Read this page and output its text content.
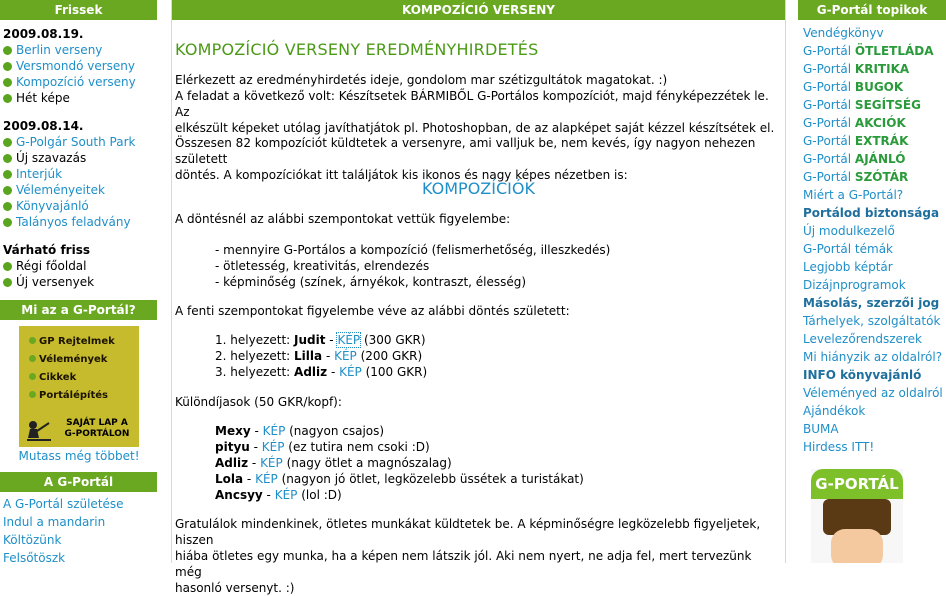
Frissek
2009.08.19.
Berlin verseny
Versmondó verseny
Kompozíció verseny
Hét képe
2009.08.14.
G-Polgár South Park
Új szavazás
Interjúk
Véleményeitek
Könyvajánló
Talányos feladvány
Várható friss
Régi főoldal
Új versenyek
Mi az a G-Portál?
GP Rejtelmek
Vélemények
Cikkek
Portálépítés
SAJÁT LAP A
G-PORTÁLON
Mutass még többet!
A G-Portál
A G-Portál születése
Indul a mandarin
Költözünk
Felsőtöszk
KOMPOZÍCIÓ VERSENY
KOMPOZÍCIÓ VERSENY EREDMÉNYHIRDETÉS
Elérkezett az eredményhirdetés ideje, gondolom mar szétizgultátok magatokat. :)
A feladat a következő volt: Készítsetek BÁRMIBŐL G-Portálos kompozíciót, majd fényképezzétek le. Az
elkészült képeket utólag javíthatjátok pl. Photoshopban, de az alapképet saját kézzel készítsétek el.
Összesen 82 kompozíciót küldtetek a versenyre, ami valljuk be, nem kevés, így nagyon nehezen született
döntés. A kompozíciókat itt találjátok kis ikonos és nagy képes nézetben is:
KOMPOZÍCIÓK
A döntésnél az alábbi szempontokat vettük figyelembe:
- mennyire G-Portálos a kompozíció (felismerhetőség, illeszkedés)
- ötletesség, kreativitás, elrendezés
- képminőség (színek, árnyékok, kontraszt, élesség)
A fenti szempontokat figyelembe véve az alábbi döntés született:
1. helyezett: Judit - KÉP (300 GKR)
2. helyezett: Lilla - KÉP (200 GKR)
3. helyezett: Adliz - KÉP (100 GKR)
Különdíjasok (50 GKR/kopf):
Mexy - KÉP (nagyon csajos)
pityu - KÉP (ez tutira nem csoki :D)
Adliz - KÉP (nagy ötlet a magnószalag)
Lola - KÉP (nagyon jó ötlet, legközelebb üssétek a turistákat)
Ancsyy - KÉP (lol :D)
Gratulálok mindenkinek, ötletes munkákat küldtetek be. A képminőségre legközelebb figyeljetek, hiszen
hiába ötletes egy munka, ha a képen nem látszik jól. Aki nem nyert, ne adja fel, mert tervezünk még
hasonló versenyt. :)
G-Portál topikok
Vendégkönyv
G-Portál ÖTLETLÁDA
G-Portál KRITIKA
G-Portál BUGOK
G-Portál SEGÍTSÉG
G-Portál AKCIÓK
G-Portál EXTRÁK
G-Portál AJÁNLÓ
G-Portál SZÓTÁR
Miért a G-Portál?
Portálod biztonsága
Új modulkezelő
G-Portál témák
Legjobb képtár
Dizájnprogramok
Másolás, szerzői jog
Tárhelyek, szolgáltatók
Levelezőrendszerek
Mi hiányzik az oldalról?
INFO könyvajánló
Véleményed az oldalról
Ajándékok
BUMA
Hirdess ITT!
G-PORTÁL
